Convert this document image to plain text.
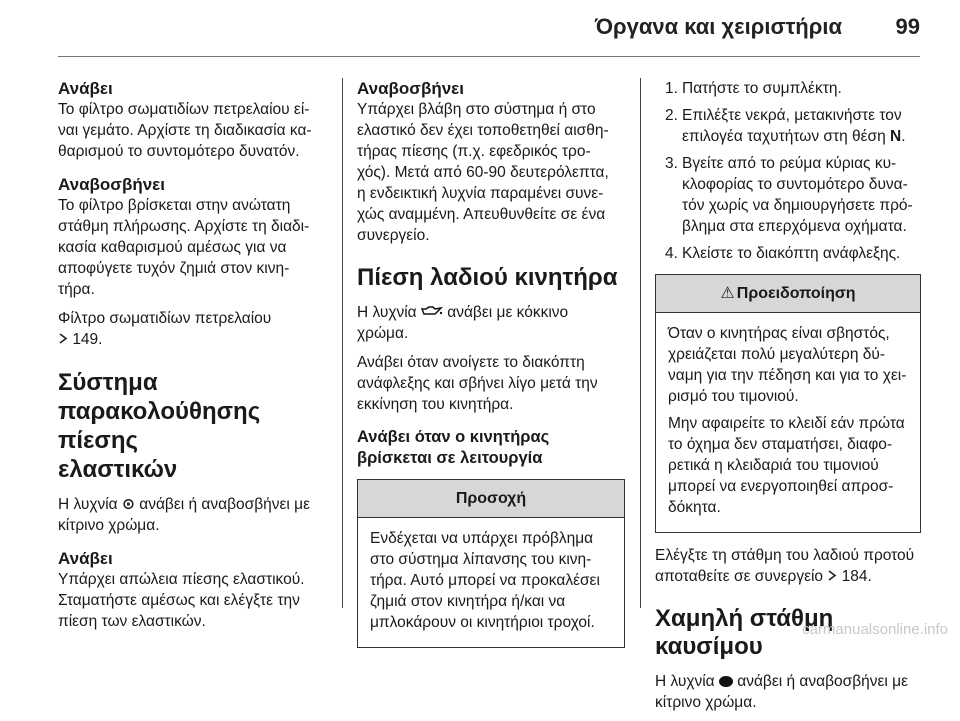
Όργανα και χειριστήρια 99
Ανάβει

Το φίλτρο σωματιδίων πετρελαίου εί-
ναι γεμάτο. Αρχίστε τη διαδικασία κα-
θαρισμού το συντομότερο δυνατόν.

Αναβοσβήνει

Το φίλτρο βρίσκεται στην ανώτατη
στάθμη πλήρωσης. Αρχίστε τη διαδι-
κασία καθαρισμού αμέσως για να
αποφύγετε τυχόν ζημιά στον κινη-
τήρα.

Φίλτρο σωματιδίων πετρελαίου
149.

Σύστημα
παρακολούθησης πίεσης
ελαστικών

Η λυχνία ⊙ ανάβει ή αναβοσβήνει με
κίτρινο χρώμα.

Ανάβει

Υπάρχει απώλεια πίεσης ελαστικού.
Σταματήστε αμέσως και ελέγξτε την
πίεση των ελαστικών.

Αναβοσβήνει

Υπάρχει βλάβη στο σύστημα ή στο
ελαστικό δεν έχει τοποθετηθεί αισθη-
τήρας πίεσης (π.χ. εφεδρικός τρο-
χός). Μετά από 60-90 δευτερόλεπτα,
η ενδεικτική λυχνία παραμένει συνε-
χώς αναμμένη. Απευθυνθείτε σε ένα
συνεργείο.

Πίεση λαδιού κινητήρα

Η λυχνία  ανάβει με κόκκινο
χρώμα.

Ανάβει όταν ανοίγετε το διακόπτη
ανάφλεξης και σβήνει λίγο μετά την
εκκίνηση του κινητήρα.

Ανάβει όταν ο κινητήρας
βρίσκεται σε λειτουργία
Προσοχή

Ενδέχεται να υπάρχει πρόβλημα
στο σύστημα λίπανσης του κινη-
τήρα. Αυτό μπορεί να προκαλέσει
ζημιά στον κινητήρα ή/και να
μπλοκάρουν οι κινητήριοι τροχοί.

1. Πατήστε το συμπλέκτη.
2. Επιλέξτε νεκρά, μετακινήστε τον
επιλογέα ταχυτήτων στη θέση N.
3. Βγείτε από το ρεύμα κύριας κυ-
κλοφορίας το συντομότερο δυνα-
τόν χωρίς να δημιουργήσετε πρό-
βλημα στα επερχόμενα οχήματα.
4. Κλείστε το διακόπτη ανάφλεξης.
⚠ Προειδοποίηση

Όταν ο κινητήρας είναι σβηστός,
χρειάζεται πολύ μεγαλύτερη δύ-
ναμη για την πέδηση και για το χει-
ρισμό του τιμονιού.

Μην αφαιρείτε το κλειδί εάν πρώτα
το όχημα δεν σταματήσει, διαφο-
ρετικά η κλειδαριά του τιμονιού
μπορεί να ενεργοποιηθεί απροσ-
δόκητα.

Ελέγξτε τη στάθμη του λαδιού προτού
αποταθείτε σε συνεργείο  184.

Χαμηλή στάθμη καυσίμου

Η λυχνία  ανάβει ή αναβοσβήνει με
κίτρινο χρώμα.

carmanualsonline.info
